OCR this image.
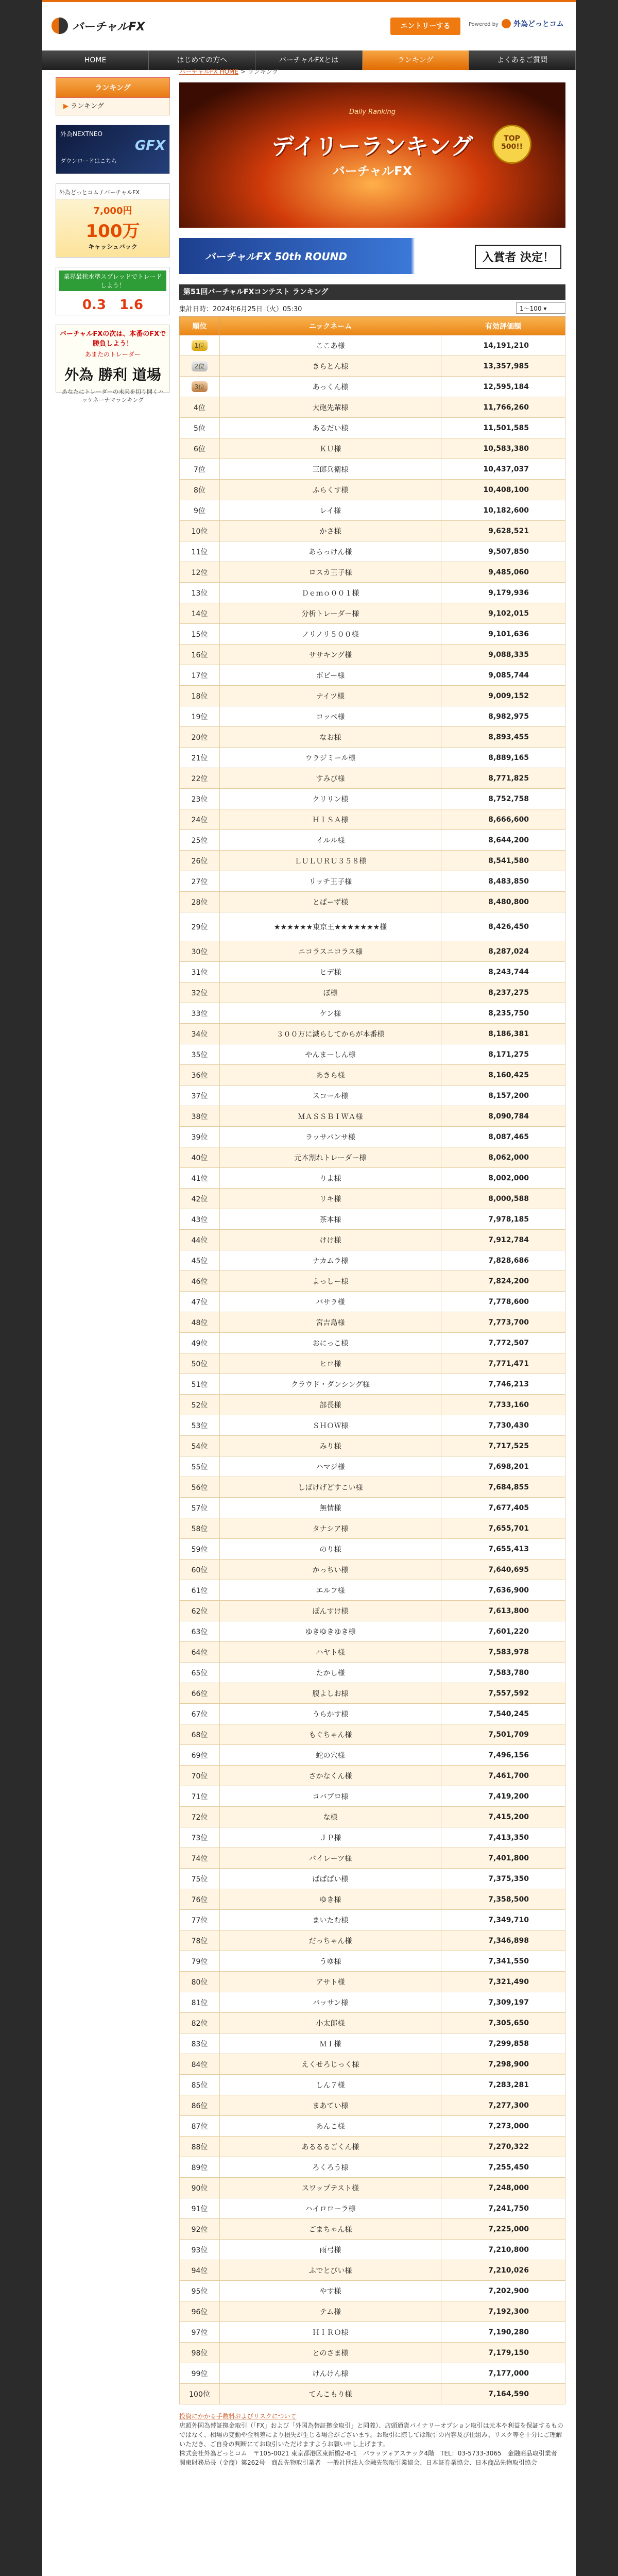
バーチャルFX	エントリーする	Powered by 外為どっとコム
HOME	はじめての方へ	バーチャルFXとは	ランキング	よくあるご質問
ランキング
▶ ランキング
外為NEXTNEO
GFX
ダウンロードはこちら
外為どっとコム / バーチャルFX
7,000円
100万
キャッシュバック
業界最狭水準スプレッドでトレードしよう！
0.3　 1.6
バーチャルFXの次は、本番のFXで勝負しよう！
あまたのトレーダー
外為 勝利 道場
あなたにトレーダーの未来を切り開くハッケネーナマランキング
バーチャルFX HOME > ランキング
Daily Ranking
デイリーランキング
バーチャルFX
TOP 500!!
バーチャルFX 50th ROUND	入賞者 決定！
第51回バーチャルFXコンテスト ランキング
集計日時：2024年6月25日（火）05:30	1～100 ▾
順位	ニックネーム	有効評価額
1位	ここあ様	14,191,210
2位	きらとん様	13,357,985
3位	あっくん様	12,595,184
4位	大砲先輩様	11,766,260
5位	あるだい様	11,501,585
6位	ＫＵ様	10,583,380
7位	三郎兵衛様	10,437,037
8位	ふらくす様	10,408,100
9位	レイ様	10,182,600
10位	かさ様	9,628,521
11位	あらっけん様	9,507,850
12位	ロスカ王子様	9,485,060
13位	Ｄｅｍｏ００１様	9,179,936
14位	分析トレーダー様	9,102,015
15位	ノリノリ５００様	9,101,636
16位	ササキング様	9,088,335
17位	ボビー様	9,085,744
18位	ナイツ様	9,009,152
19位	コッペ様	8,982,975
20位	なお様	8,893,455
21位	ウラジミール様	8,889,165
22位	すみび様	8,771,825
23位	クリリン様	8,752,758
24位	ＨＩＳＡ様	8,666,600
25位	イルル様	8,644,200
26位	ＬＵＬＵＲＵ３５８様	8,541,580
27位	リッチ王子様	8,483,850
28位	とぱーず様	8,480,800
29位	★★★★★★東京王★★★★★★★様	8,426,450
30位	ニコラスニコラス様	8,287,024
31位	ヒデ様	8,243,744
32位	ぼ様	8,237,275
33位	ケン様	8,235,750
34位	３００万に減らしてからが本番様	8,186,381
35位	やんまーしん様	8,171,275
36位	あきら様	8,160,425
37位	スコール様	8,157,200
38位	ＭＡＳＳＢＩＷＡ様	8,090,784
39位	ラッサパンサ様	8,087,465
40位	元本割れトレーダー様	8,062,000
41位	りよ様	8,002,000
42位	リキ様	8,000,588
43位	茶本様	7,978,185
44位	けけ様	7,912,784
45位	ナカムラ様	7,828,686
46位	よっしー様	7,824,200
47位	バサラ様	7,778,600
48位	宮吉島様	7,773,700
49位	おにっこ様	7,772,507
50位	ヒロ様	7,771,471
51位	クラウド・ダンシング様	7,746,213
52位	部長様	7,733,160
53位	ＳＨＯＷ様	7,730,430
54位	みり様	7,717,525
55位	ハマジ様	7,698,201
56位	しばけげどすこい様	7,684,855
57位	無情様	7,677,405
58位	タナシア様	7,655,701
59位	のり様	7,655,413
60位	かっちい様	7,640,695
61位	エルフ様	7,636,900
62位	ぽんすけ様	7,613,800
63位	ゆきゆきゆき様	7,601,220
64位	ハヤト様	7,583,978
65位	たかし様	7,583,780
66位	腹よしお様	7,557,592
67位	うらかす様	7,540,245
68位	もぐちゃん様	7,501,709
69位	蛇の穴様	7,496,156
70位	さかなくん様	7,461,700
71位	コバブロ様	7,419,200
72位	な様	7,415,200
73位	ＪＰ様	7,413,350
74位	バイレーツ様	7,401,800
75位	ぱぱぱい様	7,375,350
76位	ゆき様	7,358,500
77位	まいたむ様	7,349,710
78位	だっちゃん様	7,346,898
79位	うゆ様	7,341,550
80位	アサト様	7,321,490
81位	バッサン様	7,309,197
82位	小太郎様	7,305,650
83位	ＭＩ様	7,299,858
84位	えくせろじっく様	7,298,900
85位	しん７様	7,283,281
86位	まあてい様	7,277,300
87位	あんこ様	7,273,000
88位	あるるるごくん様	7,270,322
89位	ろくろう様	7,255,450
90位	スワップテスト様	7,248,000
91位	ハイロローラ様	7,241,750
92位	ごまちゃん様	7,225,000
93位	雨弓様	7,210,800
94位	ふでとびい様	7,210,026
95位	やす様	7,202,900
96位	テム様	7,192,300
97位	ＨＩＲＯ様	7,190,280
98位	とのさま様	7,179,150
99位	けんけん様	7,177,000
100位	てんこもり様	7,164,590
投資にかかる手数料およびリスクについて
店頭外国為替証拠金取引（「FX」および「外国為替証拠金取引」と同義）、店頭通貨バイナリーオプション取引は元本や利益を保証するものではなく、相場の変動や金利差により損失が生じる場合がございます。お取引に際しては取引の内容及び仕組み、リスク等を十分にご理解いただき、ご自身の判断にてお取引いただけますようお願い申し上げます。
株式会社外為どっとコム　〒105-0021 東京都港区東新橋2-8-1　パラッツォアステック4階　TEL：03-5733-3065　金融商品取引業者　関東財務局長（金商）第262号　商品先物取引業者　一般社団法人金融先物取引業協会、日本証券業協会、日本商品先物取引協会
